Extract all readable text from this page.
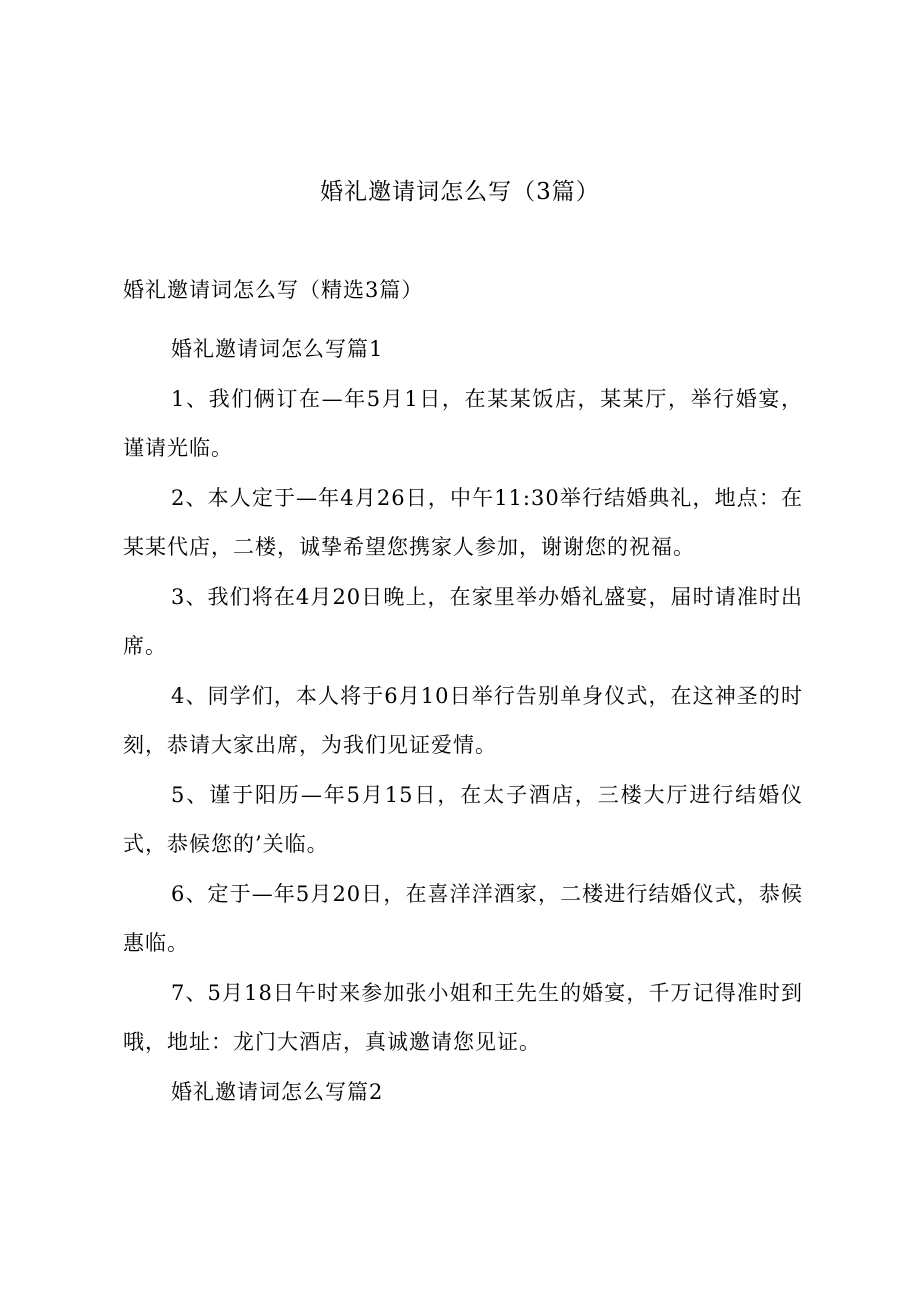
婚礼邀请词怎么写（3篇）
婚礼邀请词怎么写（精选3篇）

婚礼邀请词怎么写篇1

1、我们俩订在—年5月1日，在某某饭店，某某厅，举行婚宴，谨请光临。

2、本人定于—年4月26日，中午11:30举行结婚典礼，地点：在某某代店，二楼，诚挚希望您携家人参加，谢谢您的祝福。

3、我们将在4月20日晚上，在家里举办婚礼盛宴，届时请准时出席。

4、同学们，本人将于6月10日举行告别单身仪式，在这神圣的时刻，恭请大家出席，为我们见证爱情。

5、谨于阳历—年5月15日，在太子酒店，三楼大厅进行结婚仪式，恭候您的’关临。

6、定于—年5月20日，在喜洋洋酒家，二楼进行结婚仪式，恭候惠临。

7、5月18日午时来参加张小姐和王先生的婚宴，千万记得准时到哦，地址：龙门大酒店，真诚邀请您见证。

婚礼邀请词怎么写篇2
